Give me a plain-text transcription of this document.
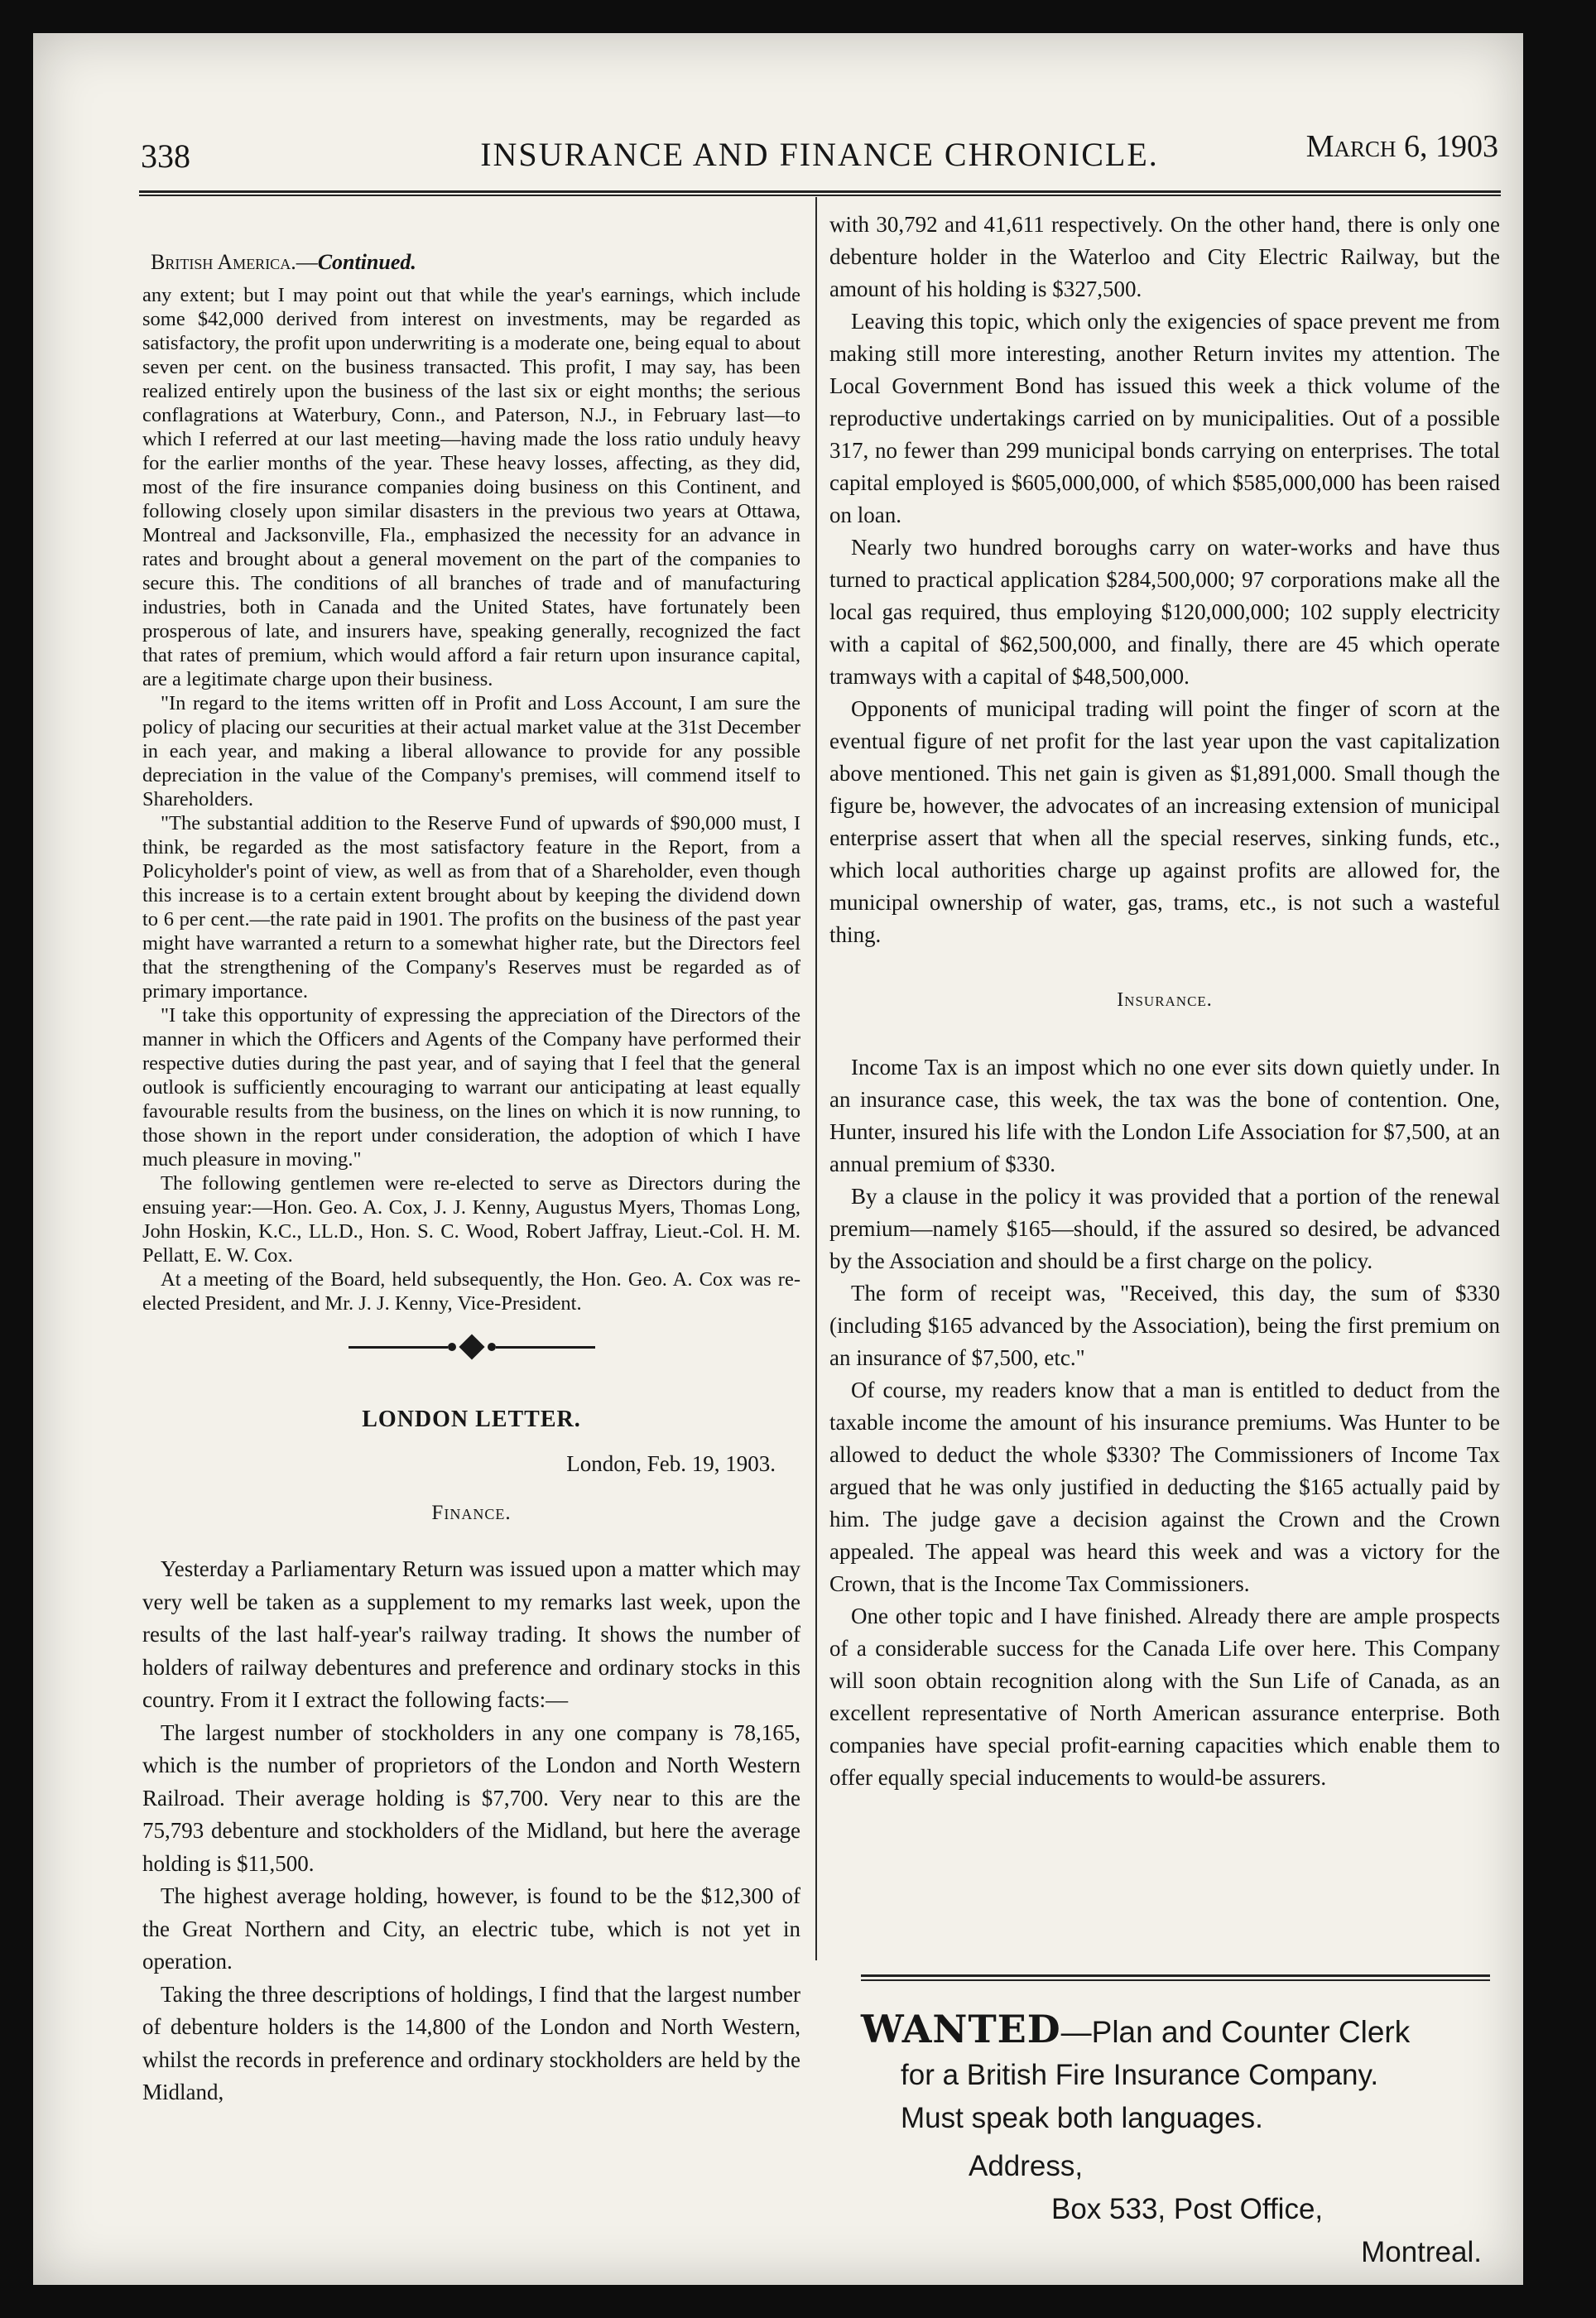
338	INSURANCE AND FINANCE CHRONICLE.	March 6, 1903
British America.—Continued.

any extent; but I may point out that while the year's earnings, which include some $42,000 derived from interest on investments, may be regarded as satisfactory, the profit upon underwriting is a moderate one, being equal to about seven per cent. on the business transacted. This profit, I may say, has been realized entirely upon the business of the last six or eight months; the serious conflagrations at Waterbury, Conn., and Paterson, N.J., in February last—to which I referred at our last meeting—having made the loss ratio unduly heavy for the earlier months of the year. These heavy losses, affecting, as they did, most of the fire insurance companies doing business on this Continent, and following closely upon similar disasters in the previous two years at Ottawa, Montreal and Jacksonville, Fla., emphasized the necessity for an advance in rates and brought about a general movement on the part of the companies to secure this. The conditions of all branches of trade and of manufacturing industries, both in Canada and the United States, have fortunately been prosperous of late, and insurers have, speaking generally, recognized the fact that rates of premium, which would afford a fair return upon insurance capital, are a legitimate charge upon their business.

"In regard to the items written off in Profit and Loss Account, I am sure the policy of placing our securities at their actual market value at the 31st December in each year, and making a liberal allowance to provide for any possible depreciation in the value of the Company's premises, will commend itself to Shareholders.

"The substantial addition to the Reserve Fund of upwards of $90,000 must, I think, be regarded as the most satisfactory feature in the Report, from a Policyholder's point of view, as well as from that of a Shareholder, even though this increase is to a certain extent brought about by keeping the dividend down to 6 per cent.—the rate paid in 1901. The profits on the business of the past year might have warranted a return to a somewhat higher rate, but the Directors feel that the strengthening of the Company's Reserves must be regarded as of primary importance.

"I take this opportunity of expressing the appreciation of the Directors of the manner in which the Officers and Agents of the Company have performed their respective duties during the past year, and of saying that I feel that the general outlook is sufficiently encouraging to warrant our anticipating at least equally favourable results from the business, on the lines on which it is now running, to those shown in the report under consideration, the adoption of which I have much pleasure in moving."

The following gentlemen were re-elected to serve as Directors during the ensuing year:—Hon. Geo. A. Cox, J. J. Kenny, Augustus Myers, Thomas Long, John Hoskin, K.C., LL.D., Hon. S. C. Wood, Robert Jaffray, Lieut.-Col. H. M. Pellatt, E. W. Cox.

At a meeting of the Board, held subsequently, the Hon. Geo. A. Cox was re-elected President, and Mr. J. J. Kenny, Vice-President.

LONDON LETTER.
London, Feb. 19, 1903.
Finance.

Yesterday a Parliamentary Return was issued upon a matter which may very well be taken as a supplement to my remarks last week, upon the results of the last half-year's railway trading. It shows the number of holders of railway debentures and preference and ordinary stocks in this country. From it I extract the following facts:—

The largest number of stockholders in any one company is 78,165, which is the number of proprietors of the London and North Western Railroad. Their average holding is $7,700. Very near to this are the 75,793 debenture and stockholders of the Midland, but here the average holding is $11,500.

The highest average holding, however, is found to be the $12,300 of the Great Northern and City, an electric tube, which is not yet in operation.

Taking the three descriptions of holdings, I find that the largest number of debenture holders is the 14,800 of the London and North Western, whilst the records in preference and ordinary stockholders are held by the Midland,

with 30,792 and 41,611 respectively. On the other hand, there is only one debenture holder in the Waterloo and City Electric Railway, but the amount of his holding is $327,500.

Leaving this topic, which only the exigencies of space prevent me from making still more interesting, another Return invites my attention. The Local Government Bond has issued this week a thick volume of the reproductive undertakings carried on by municipalities. Out of a possible 317, no fewer than 299 municipal bonds carrying on enterprises. The total capital employed is $605,000,000, of which $585,000,000 has been raised on loan.

Nearly two hundred boroughs carry on water-works and have thus turned to practical application $284,500,000; 97 corporations make all the local gas required, thus employing $120,000,000; 102 supply electricity with a capital of $62,500,000, and finally, there are 45 which operate tramways with a capital of $48,500,000.

Opponents of municipal trading will point the finger of scorn at the eventual figure of net profit for the last year upon the vast capitalization above mentioned. This net gain is given as $1,891,000. Small though the figure be, however, the advocates of an increasing extension of municipal enterprise assert that when all the special reserves, sinking funds, etc., which local authorities charge up against profits are allowed for, the municipal ownership of water, gas, trams, etc., is not such a wasteful thing.

Insurance.

Income Tax is an impost which no one ever sits down quietly under. In an insurance case, this week, the tax was the bone of contention. One, Hunter, insured his life with the London Life Association for $7,500, at an annual premium of $330.

By a clause in the policy it was provided that a portion of the renewal premium—namely $165—should, if the assured so desired, be advanced by the Association and should be a first charge on the policy.

The form of receipt was, "Received, this day, the sum of $330 (including $165 advanced by the Association), being the first premium on an insurance of $7,500, etc."

Of course, my readers know that a man is entitled to deduct from the taxable income the amount of his insurance premiums. Was Hunter to be allowed to deduct the whole $330? The Commissioners of Income Tax argued that he was only justified in deducting the $165 actually paid by him. The judge gave a decision against the Crown and the Crown appealed. The appeal was heard this week and was a victory for the Crown, that is the Income Tax Commissioners.

One other topic and I have finished. Already there are ample prospects of a considerable success for the Canada Life over here. This Company will soon obtain recognition along with the Sun Life of Canada, as an excellent representative of North American assurance enterprise. Both companies have special profit-earning capacities which enable them to offer equally special inducements to would-be assurers.

WANTED—Plan and Counter Clerk
for a British Fire Insurance Company.
Must speak both languages.
Address,
Box 533, Post Office,
Montreal.
